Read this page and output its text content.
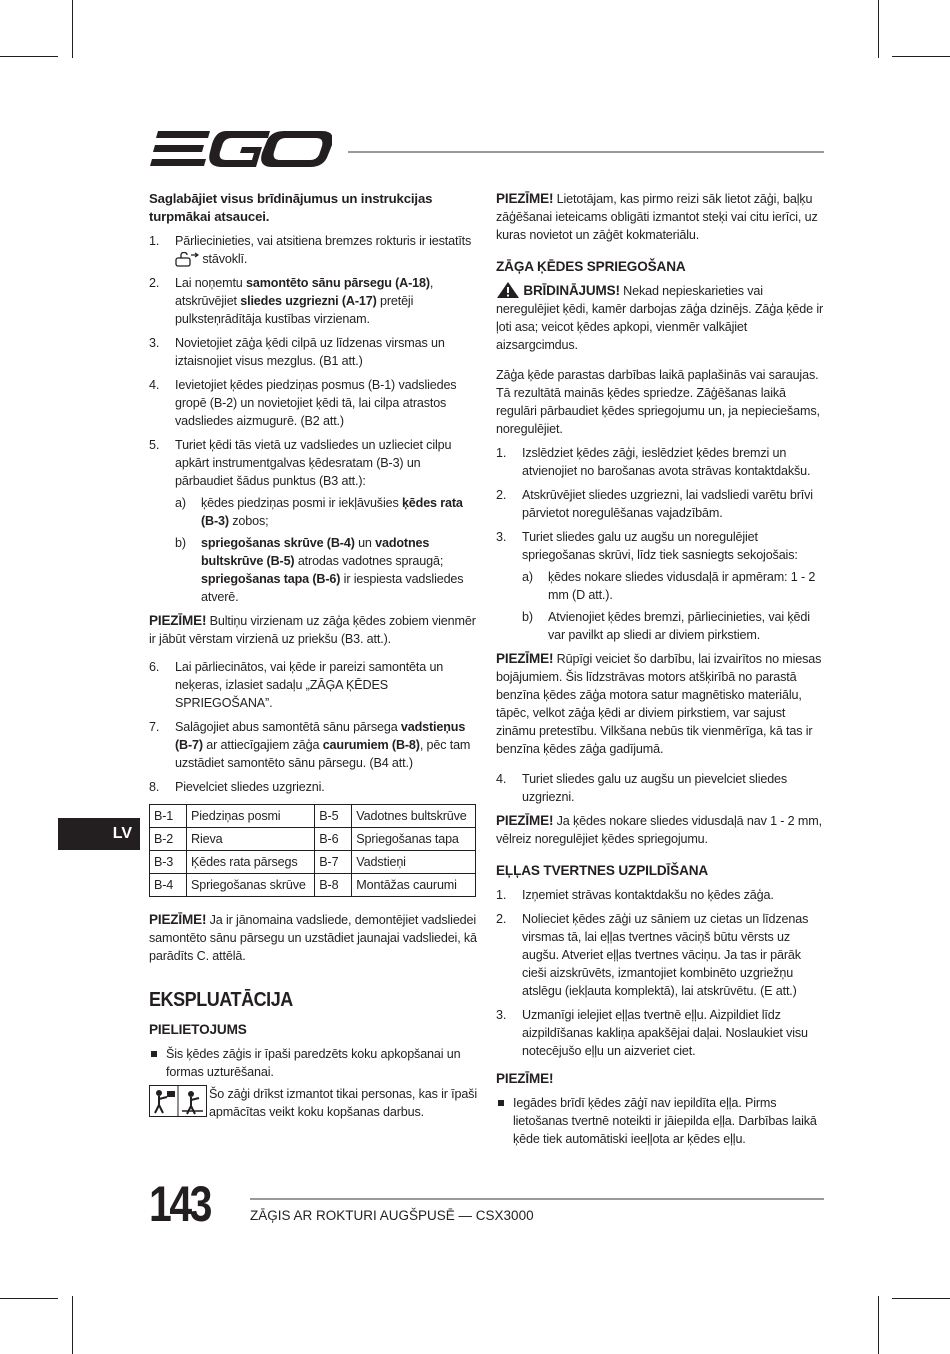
Saglabājiet visus brīdinājumus un instrukcijas turpmākai atsaucei.

1. Pārliecinieties, vai atsitiena bremzes rokturis ir iestatīts  stāvoklī.
2. Lai noņemtu samontēto sānu pārsegu (A-18), atskrūvējiet sliedes uzgriezni (A-17) pretēji pulksteņrādītāja kustības virzienam.
3. Novietojiet zāģa ķēdi cilpā uz līdzenas virsmas un iztaisnojiet visus mezglus. (B1 att.)
4. Ievietojiet ķēdes piedziņas posmus (B-1) vadsliedes gropē (B-2) un novietojiet ķēdi tā, lai cilpa atrastos vadsliedes aizmugurē. (B2 att.)
5. Turiet ķēdi tās vietā uz vadsliedes un uzlieciet cilpu apkārt instrumentgalvas ķēdesratam (B-3) un pārbaudiet šādus punktus (B3 att.):
a) ķēdes piedziņas posmi ir iekļāvušies ķēdes rata (B-3) zobos;
b) spriegošanas skrūve (B-4) un vadotnes bultskrūve (B-5) atrodas vadotnes spraugā; spriegošanas tapa (B-6) ir iespiesta vadsliedes atverē.

PIEZĪME! Bultiņu virzienam uz zāģa ķēdes zobiem vienmēr ir jābūt vērstam virzienā uz priekšu (B3. att.).

6. Lai pārliecinātos, vai ķēde ir pareizi samontēta un neķeras, izlasiet sadaļu „ZĀĢA ĶĒDES SPRIEGOŠANA”.
7. Salāgojiet abus samontētā sānu pārsega vadstieņus (B-7) ar attiecīgajiem zāģa caurumiem (B-8), pēc tam uzstādiet samontēto sānu pārsegu. (B4 att.)
8. Pievelciet sliedes uzgriezni.
B-1	Piedziņas posmi	B-5	Vadotnes bultskrūve
B-2	Rieva	B-6	Spriegošanas tapa
B-3	Ķēdes rata pārsegs	B-7	Vadstieņi
B-4	Spriegošanas skrūve	B-8	Montāžas caurumi

PIEZĪME! Ja ir jānomaina vadsliede, demontējiet vadsliedei samontēto sānu pārsegu un uzstādiet jaunajai vadsliedei, kā parādīts C. attēlā.

EKSPLUATĀCIJA
PIELIETOJUMS
Šis ķēdes zāģis ir īpaši paredzēts koku apkopšanai un formas uzturēšanai.
Šo zāģi drīkst izmantot tikai personas, kas ir īpaši apmācītas veikt koku kopšanas darbus.
LV

PIEZĪME! Lietotājam, kas pirmo reizi sāk lietot zāģi, baļķu zāģēšanai ieteicams obligāti izmantot steķi vai citu ierīci, uz kuras novietot un zāģēt kokmateriālu.

ZĀĢA ĶĒDES SPRIEGOŠANA

BRĪDINĀJUMS! Nekad nepieskarieties vai neregulējiet ķēdi, kamēr darbojas zāģa dzinējs. Zāģa ķēde ir ļoti asa; veicot ķēdes apkopi, vienmēr valkājiet aizsargcimdus.

Zāģa ķēde parastas darbības laikā paplašinās vai saraujas. Tā rezultātā mainās ķēdes spriedze. Zāģēšanas laikā regulāri pārbaudiet ķēdes spriegojumu un, ja nepieciešams, noregulējiet.

1. Izslēdziet ķēdes zāģi, ieslēdziet ķēdes bremzi un atvienojiet no barošanas avota strāvas kontaktdakšu.
2. Atskrūvējiet sliedes uzgriezni, lai vadsliedi varētu brīvi pārvietot noregulēšanas vajadzībām.
3. Turiet sliedes galu uz augšu un noregulējiet spriegošanas skrūvi, līdz tiek sasniegts sekojošais:
a) ķēdes nokare sliedes vidusdaļā ir apmēram: 1 - 2 mm (D att.).
b) Atvienojiet ķēdes bremzi, pārliecinieties, vai ķēdi var pavilkt ap sliedi ar diviem pirkstiem.

PIEZĪME! Rūpīgi veiciet šo darbību, lai izvairītos no miesas bojājumiem. Šis līdzstrāvas motors atšķirībā no parastā benzīna ķēdes zāģa motora satur magnētisko materiālu, tāpēc, velkot zāģa ķēdi ar diviem pirkstiem, var sajust zināmu pretestību. Vilkšana nebūs tik vienmērīga, kā tas ir benzīna ķēdes zāģa gadījumā.

4. Turiet sliedes galu uz augšu un pievelciet sliedes uzgriezni.

PIEZĪME! Ja ķēdes nokare sliedes vidusdaļā nav 1 - 2 mm, vēlreiz noregulējiet ķēdes spriegojumu.

EĻĻAS TVERTNES UZPILDĪŠANA
1. Izņemiet strāvas kontaktdakšu no ķēdes zāģa.
2. Nolieciet ķēdes zāģi uz sāniem uz cietas un līdzenas virsmas tā, lai eļļas tvertnes vāciņš būtu vērsts uz augšu. Atveriet eļļas tvertnes vāciņu. Ja tas ir pārāk cieši aizskrūvēts, izmantojiet kombinēto uzgriežņu atslēgu (iekļauta komplektā), lai atskrūvētu. (E att.)
3. Uzmanīgi ielejiet eļļas tvertnē eļļu. Aizpildiet līdz aizpildīšanas kakliņa apakšējai daļai. Noslaukiet visu notecējušo eļļu un aizveriet ciet.

PIEZĪME!

Iegādes brīdī ķēdes zāģī nav iepildīta eļļa. Pirms lietošanas tvertnē noteikti ir jāiepilda eļļa. Darbības laikā ķēde tiek automātiski ieeļļota ar ķēdes eļļu.
143	ZĀĢIS AR ROKTURI AUGŠPUSĒ — CSX3000
